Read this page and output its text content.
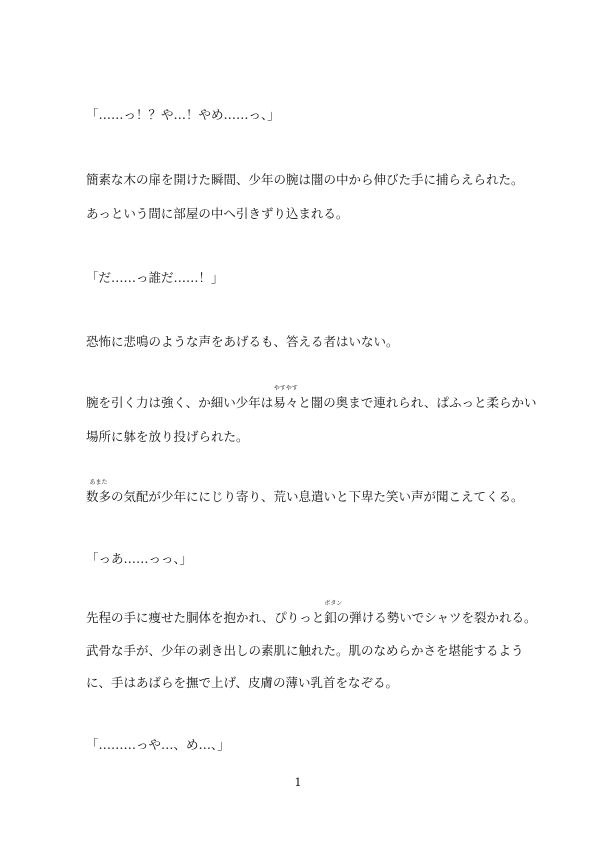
「……っ！？や…！やめ……っ、」
簡素な木の扉を開けた瞬間、少年の腕は闇の中から伸びた手に捕らえられた。
あっという間に部屋の中へ引きずり込まれる。
「だ……っ誰だ……！」
恐怖に悲鳴のような声をあげるも、答える者はいない。
腕を引く力は強く、か細い少年は
やすやす
易々と闇の奥まで連れられ、ぱふっと柔らかい
場所に躰を放り投げられた。
あまた
数多の気配が少年ににじり寄り、荒い息遣いと下卑た笑い声が聞こえてくる。
「っあ……っっ、」
先程の手に痩せた胴体を抱かれ、ぴりっと
ボタン
釦の弾ける勢いでシャツを裂かれる。
武骨な手が、少年の剥き出しの素肌に触れた。肌のなめらかさを堪能するよう
に、手はあばらを撫で上げ、皮膚の薄い乳首をなぞる。
「………っや…、め…、」
1
